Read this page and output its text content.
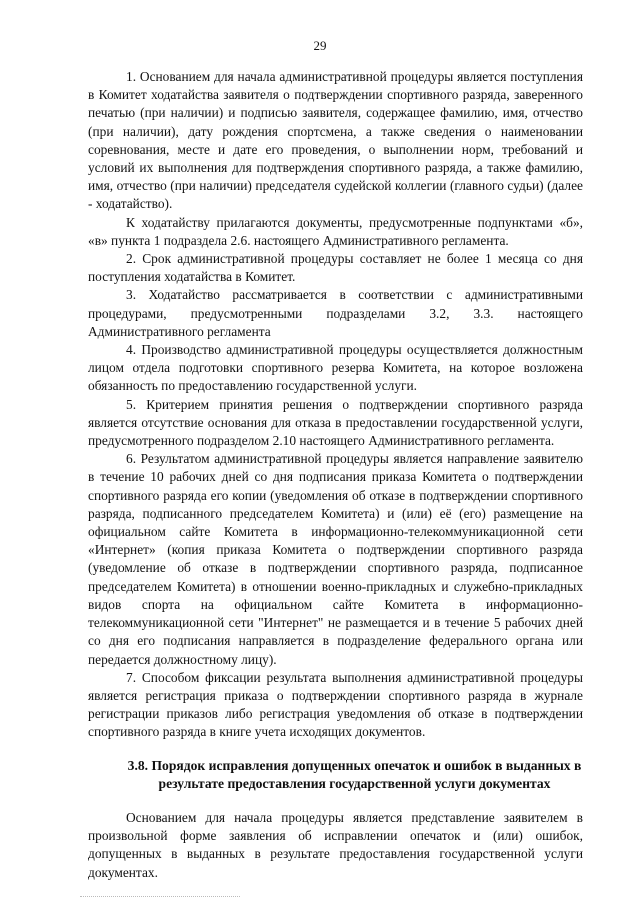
29

1. Основанием для начала административной процедуры является поступления в Комитет ходатайства заявителя о подтверждении спортивного разряда, заверенного печатью (при наличии) и подписью заявителя, содержащее фамилию, имя, отчество (при наличии), дату рождения спортсмена, а также сведения о наименовании соревнования, месте и дате его проведения, о выполнении норм, требований и условий их выполнения для подтверждения спортивного разряда, а также фамилию, имя, отчество (при наличии) председателя судейской коллегии (главного судьи) (далее - ходатайство).

К ходатайству прилагаются документы, предусмотренные подпунктами «б», «в» пункта 1 подраздела 2.6. настоящего Административного регламента.

2. Срок административной процедуры составляет не более 1 месяца со дня поступления ходатайства в Комитет.

3. Ходатайство рассматривается в соответствии с административными процедурами, предусмотренными подразделами 3.2, 3.3. настоящего Административного регламента

4. Производство административной процедуры осуществляется должностным лицом отдела подготовки спортивного резерва Комитета, на которое возложена обязанность по предоставлению государственной услуги.

5. Критерием принятия решения о подтверждении спортивного разряда является отсутствие основания для отказа в предоставлении государственной услуги, предусмотренного подразделом 2.10 настоящего Административного регламента.

6. Результатом административной процедуры является направление заявителю в течение 10 рабочих дней со дня подписания приказа Комитета о подтверждении спортивного разряда его копии (уведомления об отказе в подтверждении спортивного разряда, подписанного председателем Комитета) и (или) её (его) размещение на официальном сайте Комитета в информационно-телекоммуникационной сети «Интернет» (копия приказа Комитета о подтверждении спортивного разряда (уведомление об отказе в подтверждении спортивного разряда, подписанное председателем Комитета) в отношении военно-прикладных и служебно-прикладных видов спорта на официальном сайте Комитета в информационно-телекоммуникационной сети "Интернет" не размещается и в течение 5 рабочих дней со дня его подписания направляется в подразделение федерального органа или передается должностному лицу).

7. Способом фиксации результата выполнения административной процедуры является регистрация приказа о подтверждении спортивного разряда в журнале регистрации приказов либо регистрация уведомления об отказе в подтверждении спортивного разряда в книге учета исходящих документов.

3.8. Порядок исправления допущенных опечаток и ошибок в выданных в результате предоставления государственной услуги документах

Основанием для начала процедуры является представление заявителем в произвольной форме заявления об исправлении опечаток и (или) ошибок, допущенных в выданных в результате предоставления государственной услуги документах.
